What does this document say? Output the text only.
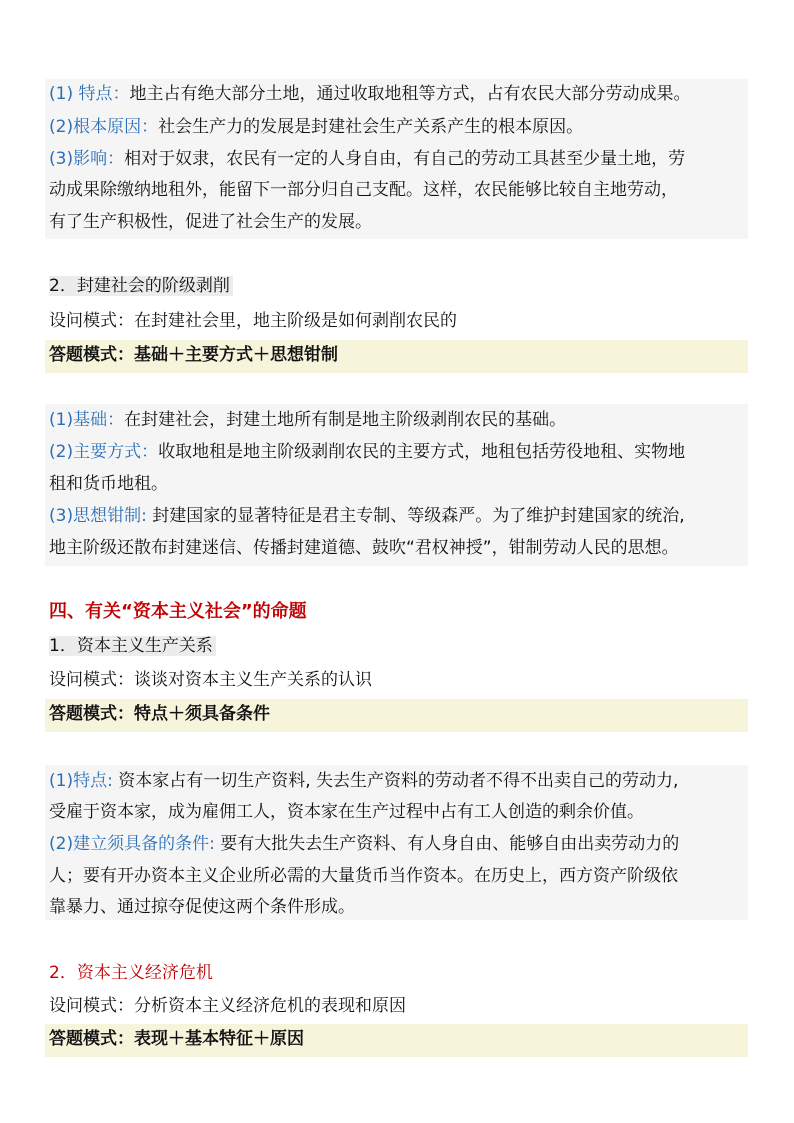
(1) 特点：地主占有绝大部分土地，通过收取地租等方式，占有农民大部分劳动成果。
(2)根本原因：社会生产力的发展是封建社会生产关系产生的根本原因。
(3)影响：相对于奴隶，农民有一定的人身自由，有自己的劳动工具甚至少量土地，劳
动成果除缴纳地租外，能留下一部分归自己支配。这样，农民能够比较自主地劳动，
有了生产积极性，促进了社会生产的发展。
2．封建社会的阶级剥削
设问模式：在封建社会里，地主阶级是如何剥削农民的
答题模式：基础＋主要方式＋思想钳制
(1)基础：在封建社会，封建土地所有制是地主阶级剥削农民的基础。
(2)主要方式：收取地租是地主阶级剥削农民的主要方式，地租包括劳役地租、实物地
租和货币地租。
(3)思想钳制: 封建国家的显著特征是君主专制、等级森严。为了维护封建国家的统治,
地主阶级还散布封建迷信、传播封建道德、鼓吹“君权神授”，钳制劳动人民的思想。
四、有关“资本主义社会”的命题
1．资本主义生产关系
设问模式：谈谈对资本主义生产关系的认识
答题模式：特点＋须具备条件
(1)特点: 资本家占有一切生产资料, 失去生产资料的劳动者不得不出卖自己的劳动力,
受雇于资本家，成为雇佣工人，资本家在生产过程中占有工人创造的剩余价值。
(2)建立须具备的条件: 要有大批失去生产资料、有人身自由、能够自由出卖劳动力的
人；要有开办资本主义企业所必需的大量货币当作资本。在历史上，西方资产阶级依
靠暴力、通过掠夺促使这两个条件形成。
2．资本主义经济危机
设问模式：分析资本主义经济危机的表现和原因
答题模式：表现＋基本特征＋原因
